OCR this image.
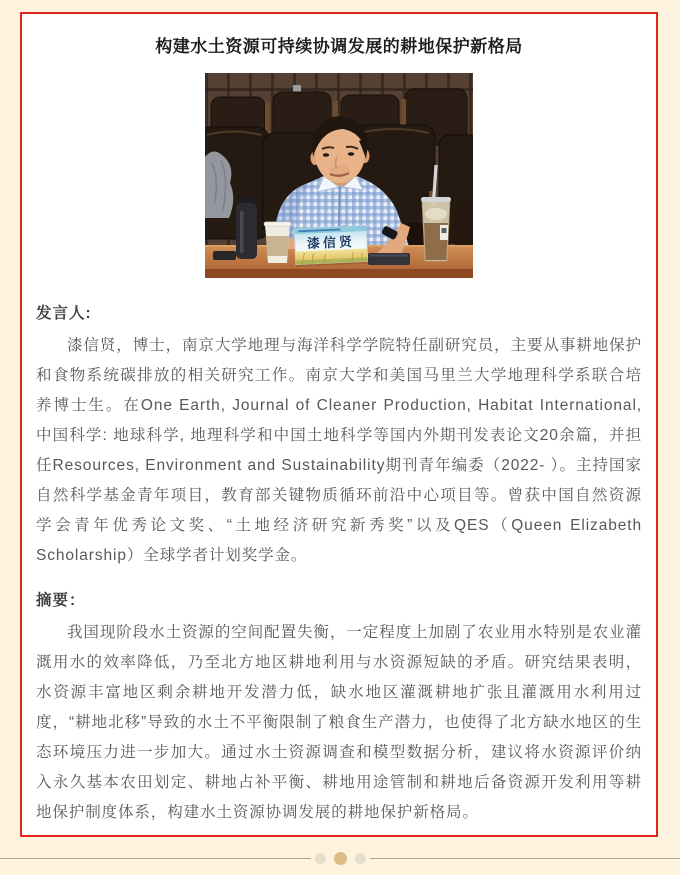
构建水土资源可持续协调发展的耕地保护新格局
漆信贤
发言人:

漆信贤，博士，南京大学地理与海洋科学学院特任副研究员，主要从事耕地保护和食物系统碳排放的相关研究工作。南京大学和美国马里兰大学地理科学系联合培养博士生。在One Earth, Journal of Cleaner Production, Habitat International, 中国科学: 地球科学, 地理科学和中国土地科学等国内外期刊发表论文20余篇，并担任Resources, Environment and Sustainability期刊青年编委（2022- ）。主持国家自然科学基金青年项目，教育部关键物质循环前沿中心项目等。曾获中国自然资源学会青年优秀论文奖、“土地经济研究新秀奖”以及QES（Queen Elizabeth Scholarship）全球学者计划奖学金。

摘要：

我国现阶段水土资源的空间配置失衡，一定程度上加剧了农业用水特别是农业灌溉用水的效率降低，乃至北方地区耕地利用与水资源短缺的矛盾。研究结果表明，水资源丰富地区剩余耕地开发潜力低，缺水地区灌溉耕地扩张且灌溉用水利用过度，“耕地北移”导致的水土不平衡限制了粮食生产潜力，也使得了北方缺水地区的生态环境压力进一步加大。通过水土资源调查和模型数据分析，建议将水资源评价纳入永久基本农田划定、耕地占补平衡、耕地用途管制和耕地后备资源开发利用等耕地保护制度体系，构建水土资源协调发展的耕地保护新格局。
